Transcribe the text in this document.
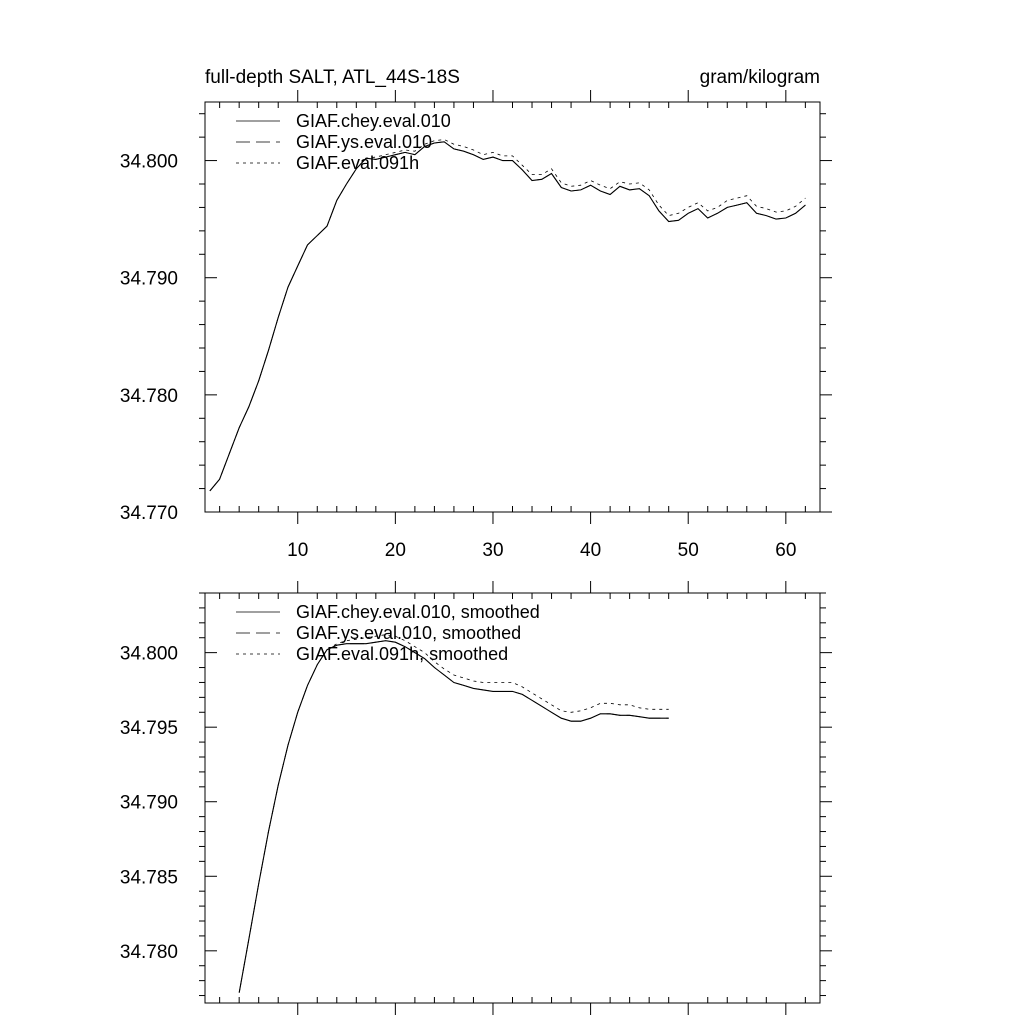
full-depth SALT, ATL_44S-18S	gram/kilogram
10	20	30	40	50	60
34.770
34.780
34.790
34.800
GIAF.chey.eval.010
GIAF.ys.eval.010
GIAF.eval.091h
34.780
34.785
34.790
34.795
34.800
GIAF.chey.eval.010, smoothed
GIAF.ys.eval.010, smoothed
GIAF.eval.091h, smoothed
